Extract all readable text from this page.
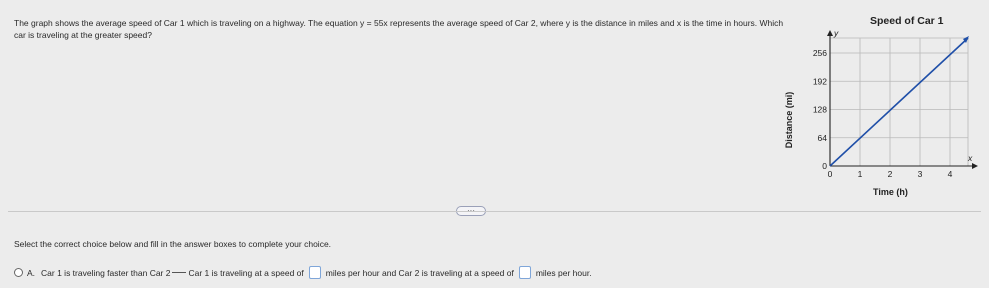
The graph shows the average speed of Car 1 which is traveling on a highway. The equation y = 55x represents the average speed of Car 2, where y is the distance in miles and x is the time in hours. Which car is traveling at the greater speed?
Speed of Car 1
y
x
0
64
128
192
256
0	1	2	3	4
Time (h)
Distance (mi)
Select the correct choice below and fill in the answer boxes to complete your choice.
A. Car 1 is traveling faster than Car 2 Car 1 is traveling at a speed of	miles per hour and Car 2 is traveling at a speed of	miles per hour.
